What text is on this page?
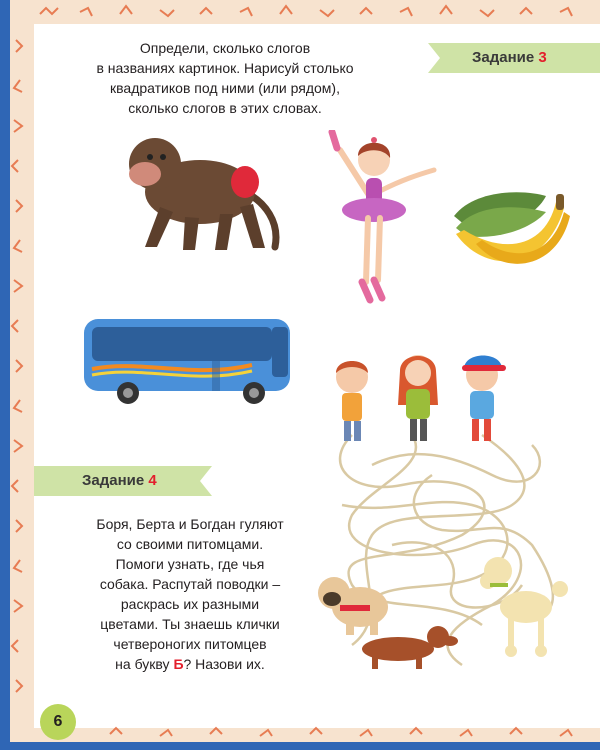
Определи, сколько слогов
в названиях картинок. Нарисуй столько
квадратиков под ними (или рядом),
сколько слогов в этих словах.
Задание 3
Задание 4
Боря, Берта и Богдан гуляют
со своими питомцами.
Помоги узнать, где чья
собака. Распутай поводки –
раскрась их разными
цветами. Ты знаешь клички
четвероногих питомцев
на букву Б? Назови их.
6
